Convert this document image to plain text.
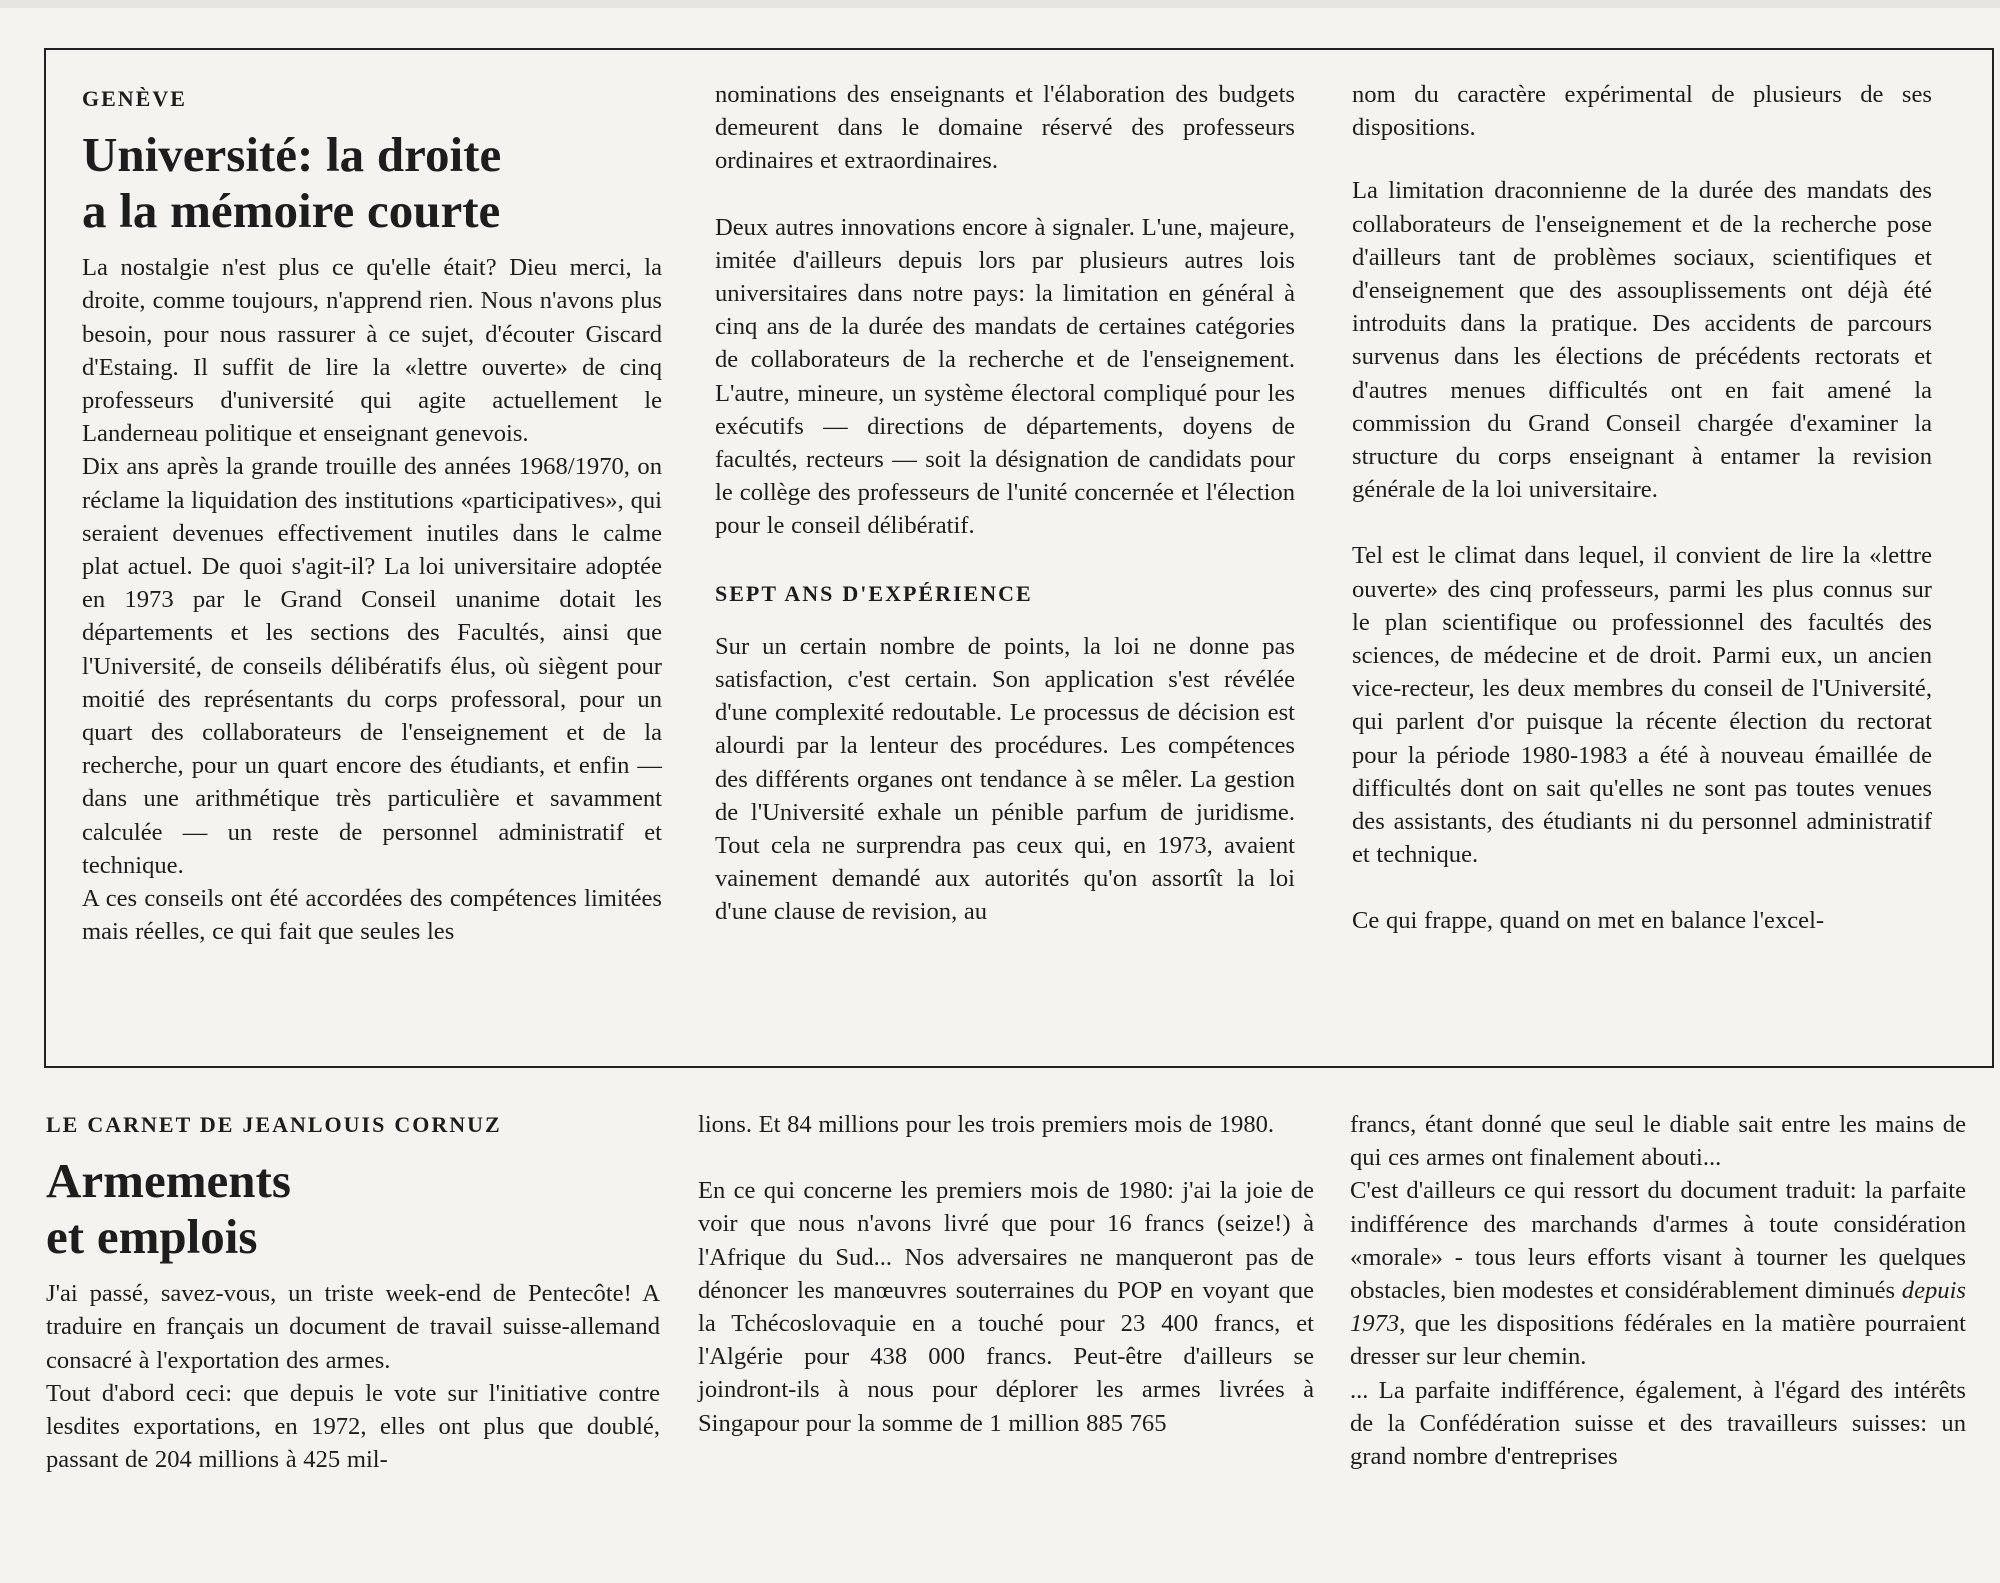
GENÈVE
Université: la droite
a la mémoire courte

La nostalgie n'est plus ce qu'elle était? Dieu merci, la droite, comme toujours, n'apprend rien. Nous n'avons plus besoin, pour nous rassurer à ce sujet, d'écouter Giscard d'Estaing. Il suffit de lire la «lettre ouverte» de cinq professeurs d'université qui agite actuellement le Landerneau politique et enseignant genevois.

Dix ans après la grande trouille des années 1968/1970, on réclame la liquidation des institutions «participatives», qui seraient devenues effectivement inutiles dans le calme plat actuel. De quoi s'agit-il? La loi universitaire adoptée en 1973 par le Grand Conseil unanime dotait les départements et les sections des Facultés, ainsi que l'Université, de conseils délibératifs élus, où siègent pour moitié des représentants du corps professoral, pour un quart des collaborateurs de l'enseignement et de la recherche, pour un quart encore des étudiants, et enfin — dans une arithmétique très particulière et savamment calculée — un reste de personnel administratif et technique.

A ces conseils ont été accordées des compétences limitées mais réelles, ce qui fait que seules les

nominations des enseignants et l'élaboration des budgets demeurent dans le domaine réservé des professeurs ordinaires et extraordinaires.

Deux autres innovations encore à signaler. L'une, majeure, imitée d'ailleurs depuis lors par plusieurs autres lois universitaires dans notre pays: la limitation en général à cinq ans de la durée des mandats de certaines catégories de collaborateurs de la recherche et de l'enseignement. L'autre, mineure, un système électoral compliqué pour les exécutifs — directions de départements, doyens de facultés, recteurs — soit la désignation de candidats pour le collège des professeurs de l'unité concernée et l'élection pour le conseil délibératif.

SEPT ANS D'EXPÉRIENCE

Sur un certain nombre de points, la loi ne donne pas satisfaction, c'est certain. Son application s'est révélée d'une complexité redoutable. Le processus de décision est alourdi par la lenteur des procédures. Les compétences des différents organes ont tendance à se mêler. La gestion de l'Université exhale un pénible parfum de juridisme. Tout cela ne surprendra pas ceux qui, en 1973, avaient vainement demandé aux autorités qu'on assortît la loi d'une clause de revision, au

nom du caractère expérimental de plusieurs de ses dispositions.

La limitation draconnienne de la durée des mandats des collaborateurs de l'enseignement et de la recherche pose d'ailleurs tant de problèmes sociaux, scientifiques et d'enseignement que des assouplissements ont déjà été introduits dans la pratique. Des accidents de parcours survenus dans les élections de précédents rectorats et d'autres menues difficultés ont en fait amené la commission du Grand Conseil chargée d'examiner la structure du corps enseignant à entamer la revision générale de la loi universitaire.

Tel est le climat dans lequel, il convient de lire la «lettre ouverte» des cinq professeurs, parmi les plus connus sur le plan scientifique ou professionnel des facultés des sciences, de médecine et de droit. Parmi eux, un ancien vice-recteur, les deux membres du conseil de l'Université, qui parlent d'or puisque la récente élection du rectorat pour la période 1980-1983 a été à nouveau émaillée de difficultés dont on sait qu'elles ne sont pas toutes venues des assistants, des étudiants ni du personnel administratif et technique.

Ce qui frappe, quand on met en balance l'excel-

LE CARNET DE JEANLOUIS CORNUZ
Armements
et emplois

J'ai passé, savez-vous, un triste week-end de Pentecôte! A traduire en français un document de travail suisse-allemand consacré à l'exportation des armes.

Tout d'abord ceci: que depuis le vote sur l'initiative contre lesdites exportations, en 1972, elles ont plus que doublé, passant de 204 millions à 425 mil-

lions. Et 84 millions pour les trois premiers mois de 1980.

En ce qui concerne les premiers mois de 1980: j'ai la joie de voir que nous n'avons livré que pour 16 francs (seize!) à l'Afrique du Sud... Nos adversaires ne manqueront pas de dénoncer les manœuvres souterraines du POP en voyant que la Tchécoslovaquie en a touché pour 23 400 francs, et l'Algérie pour 438 000 francs. Peut-être d'ailleurs se joindront-ils à nous pour déplorer les armes livrées à Singapour pour la somme de 1 million 885 765

francs, étant donné que seul le diable sait entre les mains de qui ces armes ont finalement abouti...

C'est d'ailleurs ce qui ressort du document traduit: la parfaite indifférence des marchands d'armes à toute considération «morale» - tous leurs efforts visant à tourner les quelques obstacles, bien modestes et considérablement diminués depuis 1973, que les dispositions fédérales en la matière pourraient dresser sur leur chemin.

... La parfaite indifférence, également, à l'égard des intérêts de la Confédération suisse et des travailleurs suisses: un grand nombre d'entreprises
